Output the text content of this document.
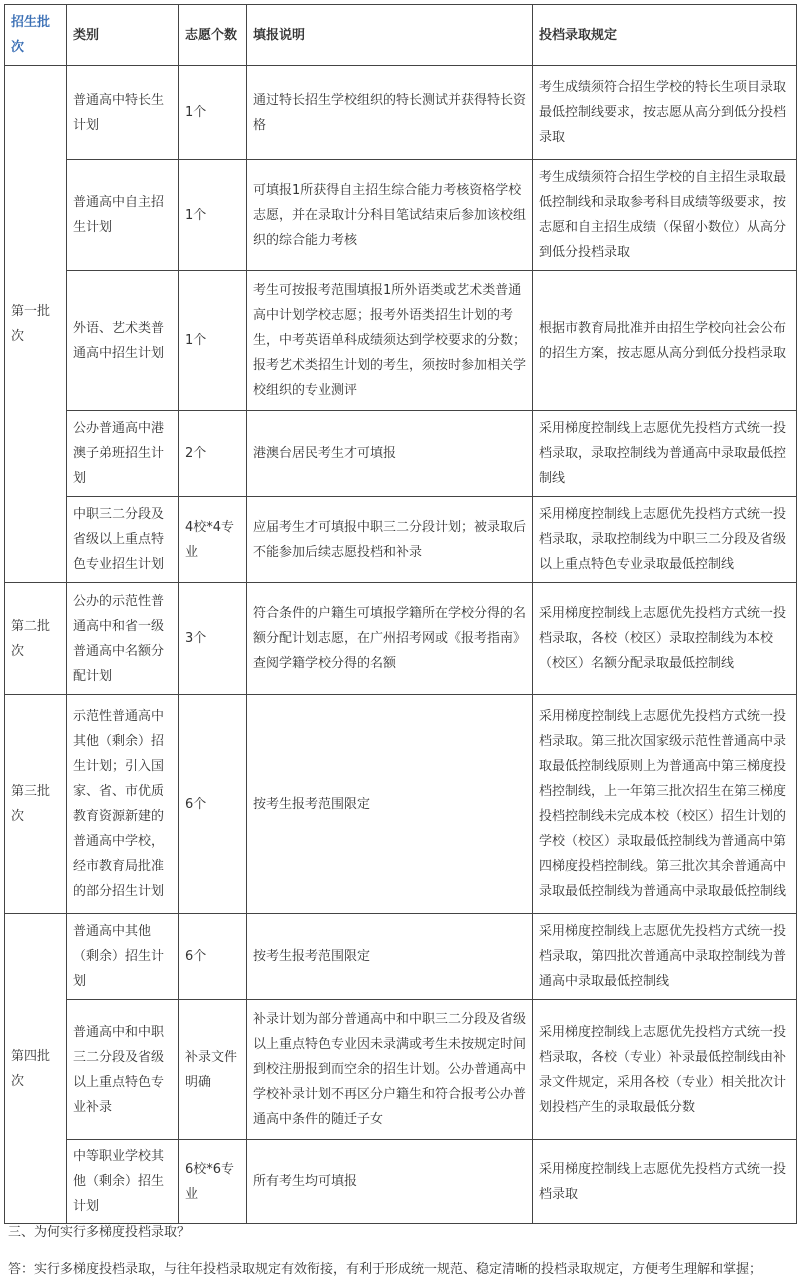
招生批次	类别	志愿个数	填报说明	投档录取规定
第一批次	普通高中特长生计划	1个	通过特长招生学校组织的特长测试并获得特长资格	考生成绩须符合招生学校的特长生项目录取最低控制线要求，按志愿从高分到低分投档录取
	普通高中自主招生计划	1个	可填报1所获得自主招生综合能力考核资格学校志愿，并在录取计分科目笔试结束后参加该校组织的综合能力考核	考生成绩须符合招生学校的自主招生录取最低控制线和录取参考科目成绩等级要求，按志愿和自主招生成绩（保留小数位）从高分到低分投档录取
	外语、艺术类普通高中招生计划	1个	考生可按报考范围填报1所外语类或艺术类普通高中计划学校志愿；报考外语类招生计划的考生，中考英语单科成绩须达到学校要求的分数；报考艺术类招生计划的考生，须按时参加相关学校组织的专业测评	根据市教育局批准并由招生学校向社会公布的招生方案，按志愿从高分到低分投档录取
	公办普通高中港澳子弟班招生计划	2个	港澳台居民考生才可填报	采用梯度控制线上志愿优先投档方式统一投档录取，录取控制线为普通高中录取最低控制线
	中职三二分段及省级以上重点特色专业招生计划	4校*4专业	应届考生才可填报中职三二分段计划；被录取后不能参加后续志愿投档和补录	采用梯度控制线上志愿优先投档方式统一投档录取，录取控制线为中职三二分段及省级以上重点特色专业录取最低控制线
第二批次	公办的示范性普通高中和省一级普通高中名额分配计划	3个	符合条件的户籍生可填报学籍所在学校分得的名额分配计划志愿，在广州招考网或《报考指南》查阅学籍学校分得的名额	采用梯度控制线上志愿优先投档方式统一投档录取，各校（校区）录取控制线为本校（校区）名额分配录取最低控制线
第三批次	示范性普通高中其他（剩余）招生计划；引入国家、省、市优质教育资源新建的普通高中学校，经市教育局批准的部分招生计划	6个	按考生报考范围限定	采用梯度控制线上志愿优先投档方式统一投档录取。第三批次国家级示范性普通高中录取最低控制线原则上为普通高中第三梯度投档控制线，上一年第三批次招生在第三梯度投档控制线未完成本校（校区）招生计划的学校（校区）录取最低控制线为普通高中第四梯度投档控制线。第三批次其余普通高中录取最低控制线为普通高中录取最低控制线
第四批次	普通高中其他（剩余）招生计划	6个	按考生报考范围限定	采用梯度控制线上志愿优先投档方式统一投档录取，第四批次普通高中录取控制线为普通高中录取最低控制线
	普通高中和中职三二分段及省级以上重点特色专业补录	补录文件明确	补录计划为部分普通高中和中职三二分段及省级以上重点特色专业因未录满或考生未按规定时间到校注册报到而空余的招生计划。公办普通高中学校补录计划不再区分户籍生和符合报考公办普通高中条件的随迁子女	采用梯度控制线上志愿优先投档方式统一投档录取，各校（专业）补录最低控制线由补录文件规定，采用各校（专业）相关批次计划投档产生的录取最低分数
	中等职业学校其他（剩余）招生计划	6校*6专业	所有考生均可填报	采用梯度控制线上志愿优先投档方式统一投档录取
三、为何实行多梯度投档录取？
答：实行多梯度投档录取，与往年投档录取规定有效衔接，有利于形成统一规范、稳定清晰的投档录取规定，方便考生理解和掌握；
